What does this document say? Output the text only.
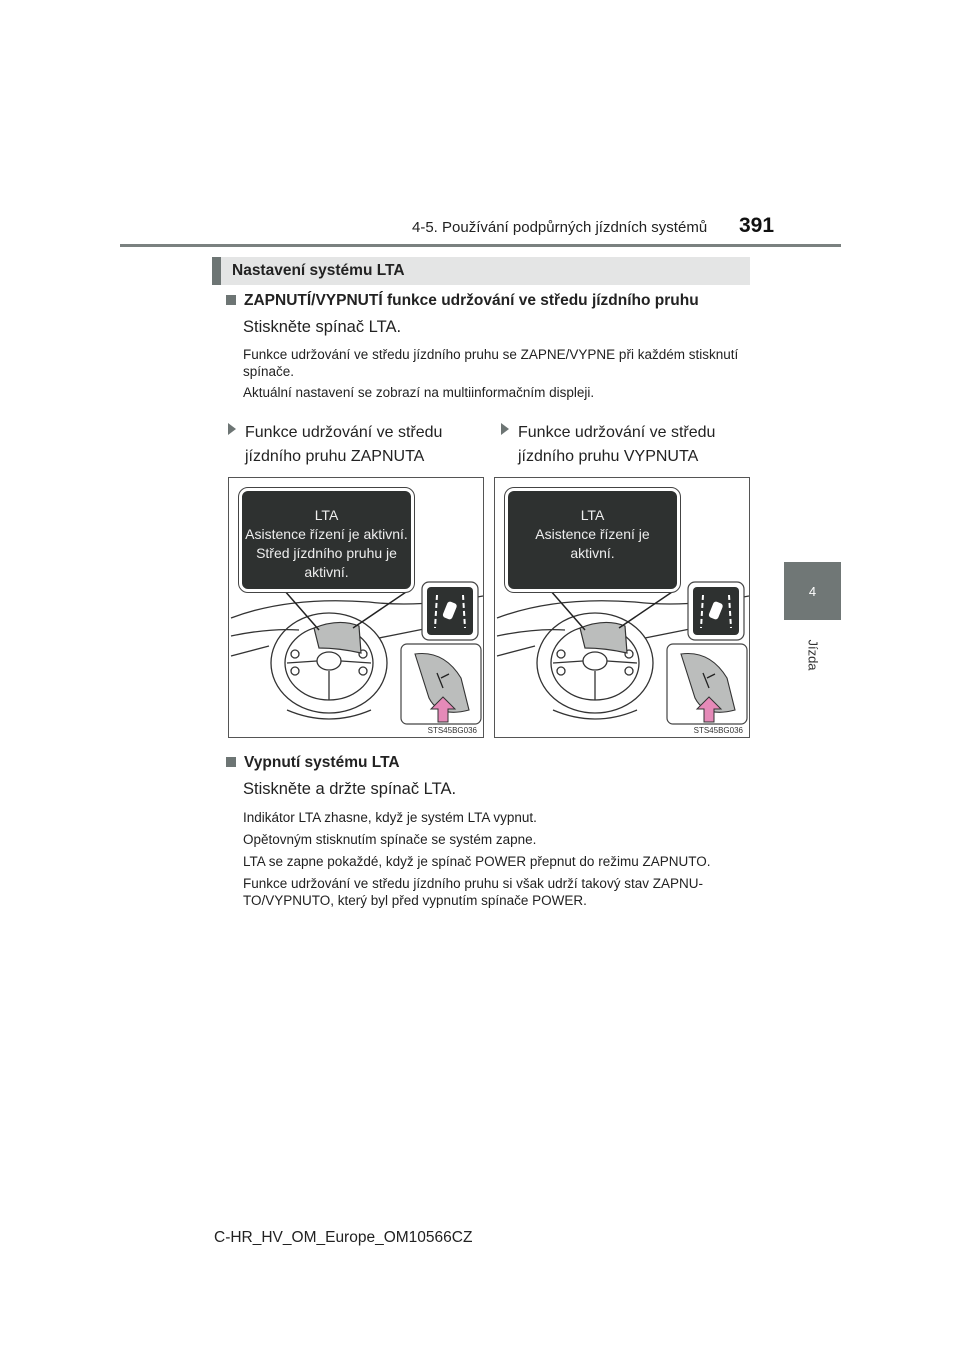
4-5. Používání podpůrných jízdních systémů 391
4
Jízda
Nastavení systému LTA
ZAPNUTÍ/VYPNUTÍ funkce udržování ve středu jízdního pruhu
Stiskněte spínač LTA.
Funkce udržování ve středu jízdního pruhu se ZAPNE/VYPNE při každém stisknutí spínače.
Aktuální nastavení se zobrazí na multiinformačním displeji.
Funkce udržování ve středu
jízdního pruhu ZAPNUTA
Funkce udržování ve středu
jízdního pruhu VYPNUTA
LTA
Asistence řízení je aktivní. Střed jízdního pruhu je aktivní.
STS45BG036
LTA
Asistence řízení je aktivní.
STS45BG036
Vypnutí systému LTA
Stiskněte a držte spínač LTA.
Indikátor LTA zhasne, když je systém LTA vypnut.
Opětovným stisknutím spínače se systém zapne.
LTA se zapne pokaždé, když je spínač POWER přepnut do režimu ZAPNUTO.
Funkce udržování ve středu jízdního pruhu si však udrží takový stav ZAPNU-TO/VYPNUTO, který byl před vypnutím spínače POWER.
C-HR_HV_OM_Europe_OM10566CZ
